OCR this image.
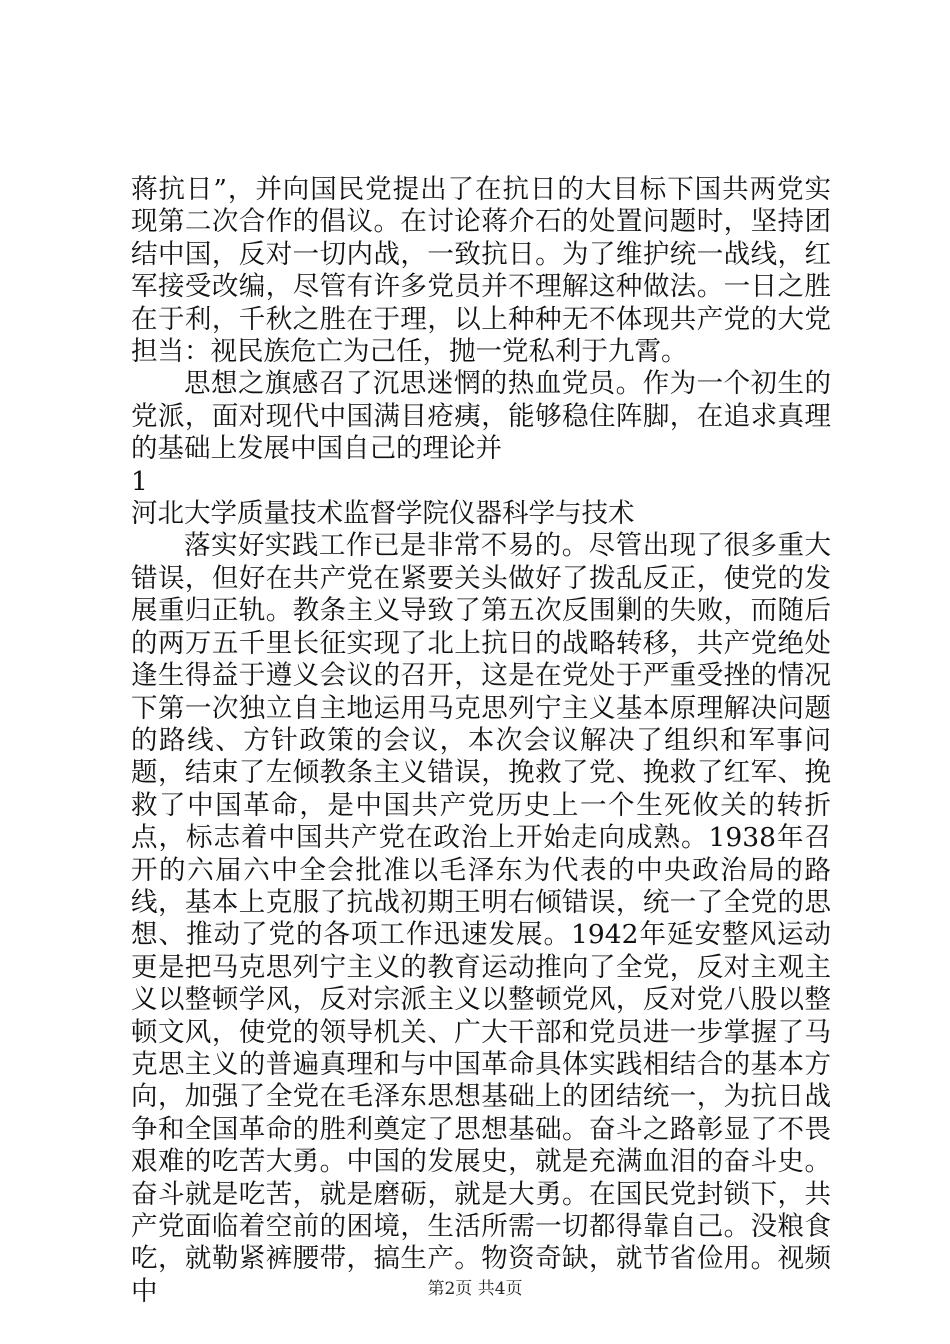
蒋抗日”，并向国民党提出了在抗日的大目标下国共两党实现第二次合作的倡议。在讨论蒋介石的处置问题时，坚持团结中国，反对一切内战，一致抗日。为了维护统一战线，红军接受改编，尽管有许多党员并不理解这种做法。一日之胜在于利，千秋之胜在于理，以上种种无不体现共产党的大党担当：视民族危亡为己任，抛一党私利于九霄。

思想之旗感召了沉思迷惘的热血党员。作为一个初生的党派，面对现代中国满目疮痍，能够稳住阵脚，在追求真理的基础上发展中国自己的理论并

1

河北大学质量技术监督学院仪器科学与技术

落实好实践工作已是非常不易的。尽管出现了很多重大错误，但好在共产党在紧要关头做好了拨乱反正，使党的发展重归正轨。教条主义导致了第五次反围剿的失败，而随后的两万五千里长征实现了北上抗日的战略转移，共产党绝处逢生得益于遵义会议的召开，这是在党处于严重受挫的情况下第一次独立自主地运用马克思列宁主义基本原理解决问题的路线、方针政策的会议，本次会议解决了组织和军事问题，结束了左倾教条主义错误，挽救了党、挽救了红军、挽救了中国革命，是中国共产党历史上一个生死攸关的转折点，标志着中国共产党在政治上开始走向成熟。1938年召开的六届六中全会批准以毛泽东为代表的中央政治局的路线，基本上克服了抗战初期王明右倾错误，统一了全党的思想、推动了党的各项工作迅速发展。1942年延安整风运动更是把马克思列宁主义的教育运动推向了全党，反对主观主义以整顿学风，反对宗派主义以整顿党风，反对党八股以整顿文风，使党的领导机关、广大干部和党员进一步掌握了马克思主义的普遍真理和与中国革命具体实践相结合的基本方向，加强了全党在毛泽东思想基础上的团结统一，为抗日战争和全国革命的胜利奠定了思想基础。奋斗之路彰显了不畏艰难的吃苦大勇。中国的发展史，就是充满血泪的奋斗史。奋斗就是吃苦，就是磨砺，就是大勇。在国民党封锁下，共产党面临着空前的困境，生活所需一切都得靠自己。没粮食吃，就勒紧裤腰带，搞生产。物资奇缺，就节省俭用。视频中	第2页 共4页
